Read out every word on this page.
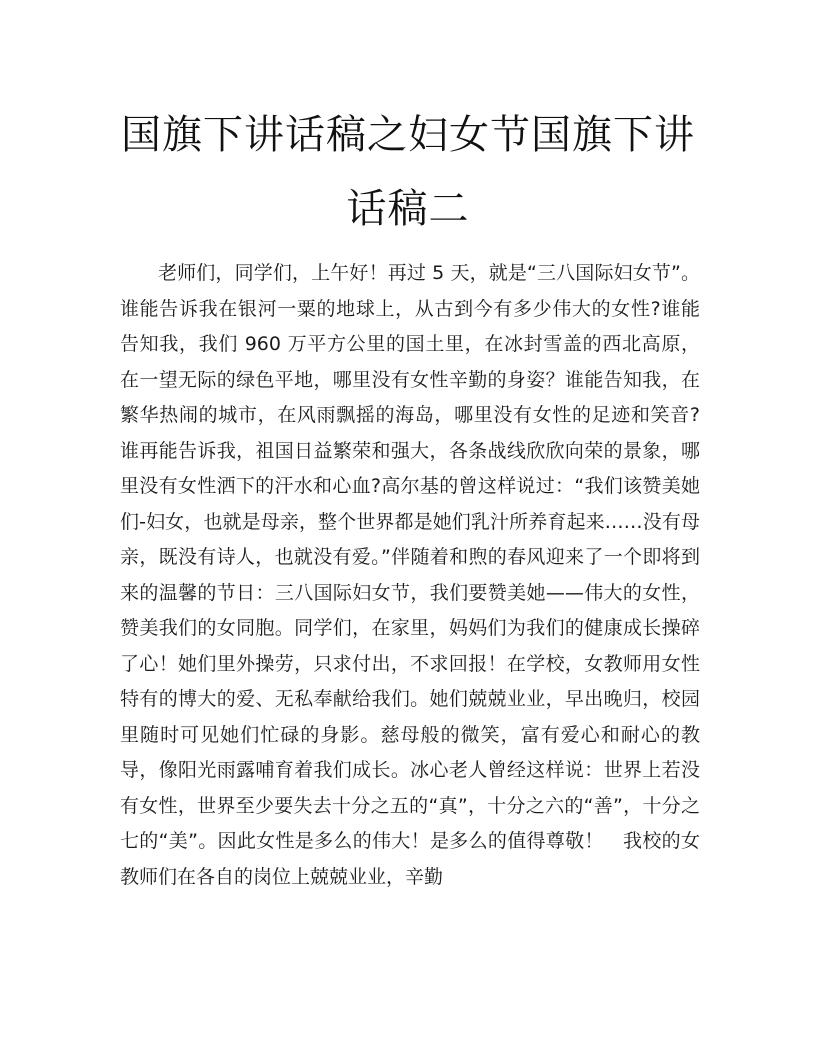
国旗下讲话稿之妇女节国旗下讲话稿二

老师们，同学们，上午好！再过 5 天，就是“三八国际妇女节”。谁能告诉我在银河一粟的地球上，从古到今有多少伟大的女性?谁能告知我，我们 960 万平方公里的国土里，在冰封雪盖的西北高原，在一望无际的绿色平地，哪里没有女性辛勤的身姿？谁能告知我，在繁华热闹的城市，在风雨飘摇的海岛，哪里没有女性的足迹和笑音?谁再能告诉我，祖国日益繁荣和强大，各条战线欣欣向荣的景象，哪里没有女性洒下的汗水和心血?高尔基的曾这样说过：“我们该赞美她们-妇女，也就是母亲，整个世界都是她们乳汁所养育起来……没有母亲，既没有诗人，也就没有爱。”伴随着和煦的春风迎来了一个即将到来的温馨的节日：三八国际妇女节，我们要赞美她——伟大的女性，赞美我们的女同胞。同学们，在家里，妈妈们为我们的健康成长操碎了心！她们里外操劳，只求付出，不求回报！在学校，女教师用女性特有的博大的爱、无私奉献给我们。她们兢兢业业，早出晚归，校园里随时可见她们忙碌的身影。慈母般的微笑，富有爱心和耐心的教导，像阳光雨露哺育着我们成长。冰心老人曾经这样说：世界上若没有女性，世界至少要失去十分之五的“真”，十分之六的“善”，十分之七的“美”。因此女性是多么的伟大！是多么的值得尊敬！　我校的女教师们在各自的岗位上兢兢业业，辛勤
